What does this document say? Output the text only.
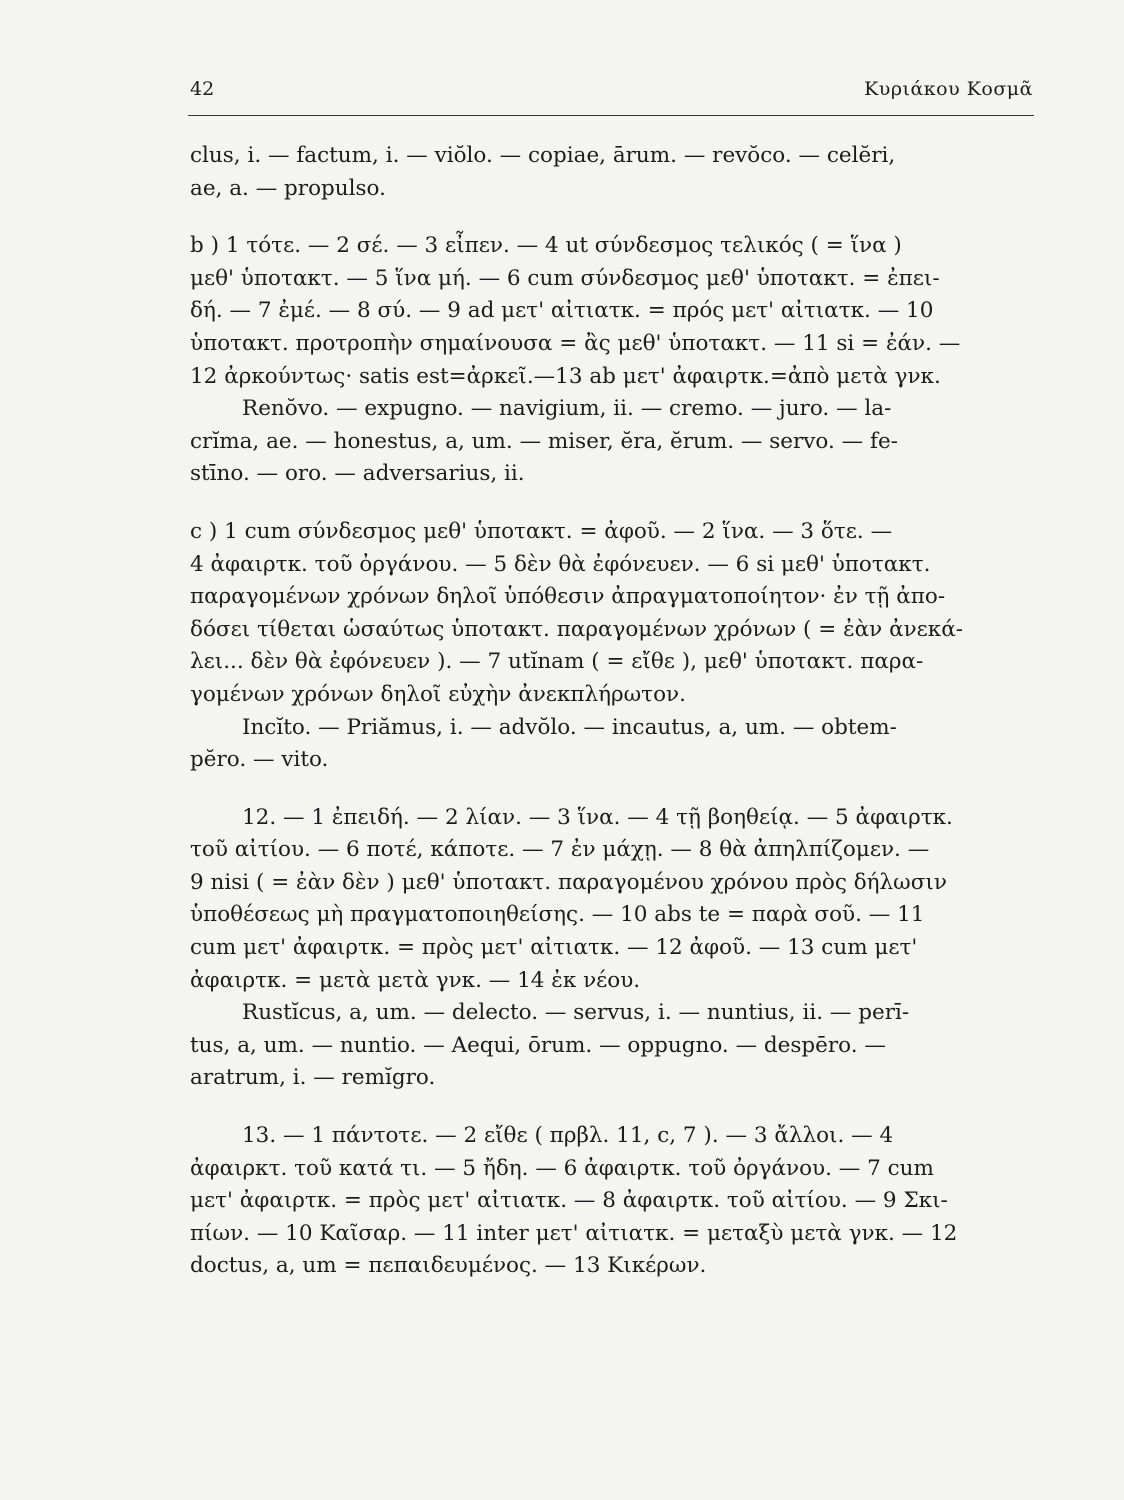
42	Κυριάκου Κοσμᾶ
clus, i. — factum, i. — viŏlo. — copiae, ārum. — revŏco. — celĕri,
ae, a. — propulso.
b ) 1 τότε. — 2 σέ. — 3 εἶπεν. — 4 ut σύνδεσμος τελικός ( = ἵνα )
μεθ' ὑποτακτ. — 5 ἵνα μή. — 6 cum σύνδεσμος μεθ' ὑποτακτ. = ἐπει-
δή. — 7 ἐμέ. — 8 σύ. — 9 ad μετ' αἰτιατκ. = πρός μετ' αἰτιατκ. — 10
ὑποτακτ. προτροπὴν σημαίνουσα = ἂς μεθ' ὑποτακτ. — 11 si = ἐάν. —
12 ἀρκούντως· satis est=ἀρκεῖ.—13 ab μετ' ἀφαιρτκ.=ἀπὸ μετὰ γνκ.
Renŏvo. — expugno. — navigium, ii. — cremo. — juro. — la-
crĭma, ae. — honestus, a, um. — miser, ĕra, ĕrum. — servo. — fe-
stīno. — oro. — adversarius, ii.
c ) 1 cum σύνδεσμος μεθ' ὑποτακτ. = ἀφοῦ. — 2 ἵνα. — 3 ὅτε. —
4 ἀφαιρτκ. τοῦ ὀργάνου. — 5 δὲν θὰ ἐφόνευεν. — 6 si μεθ' ὑποτακτ.
παραγομένων χρόνων δηλοῖ ὑπόθεσιν ἀπραγματοποίητον· ἐν τῇ ἀπο-
δόσει τίθεται ὡσαύτως ὑποτακτ. παραγομένων χρόνων ( = ἐὰν ἀνεκά-
λει... δὲν θὰ ἐφόνευεν ). — 7 utĭnam ( = εἴθε ), μεθ' ὑποτακτ. παρα-
γομένων χρόνων δηλοῖ εὐχὴν ἀνεκπλήρωτον.
Incĭto. — Priămus, i. — advŏlo. — incautus, a, um. — obtem-
pĕro. — vito.
12. — 1 ἐπειδή. — 2 λίαν. — 3 ἵνα. — 4 τῇ βοηθείᾳ. — 5 ἀφαιρτκ.
τοῦ αἰτίου. — 6 ποτέ, κάποτε. — 7 ἐν μάχῃ. — 8 θὰ ἀπηλπίζομεν. —
9 nisi ( = ἐὰν δὲν ) μεθ' ὑποτακτ. παραγομένου χρόνου πρὸς δήλωσιν
ὑποθέσεως μὴ πραγματοποιηθείσης. — 10 abs te = παρὰ σοῦ. — 11
cum μετ' ἀφαιρτκ. = πρὸς μετ' αἰτιατκ. — 12 ἀφοῦ. — 13 cum μετ'
ἀφαιρτκ. = μετὰ μετὰ γνκ. — 14 ἐκ νέου.
Rustĭcus, a, um. — delecto. — servus, i. — nuntius, ii. — perī-
tus, a, um. — nuntio. — Aequi, ōrum. — oppugno. — despēro. —
aratrum, i. — remĭgro.
13. — 1 πάντοτε. — 2 εἴθε ( πρβλ. 11, c, 7 ). — 3 ἄλλοι. — 4
ἀφαιρκτ. τοῦ κατά τι. — 5 ἤδη. — 6 ἀφαιρτκ. τοῦ ὀργάνου. — 7 cum
μετ' ἀφαιρτκ. = πρὸς μετ' αἰτιατκ. — 8 ἀφαιρτκ. τοῦ αἰτίου. — 9 Σκι-
πίων. — 10 Καῖσαρ. — 11 inter μετ' αἰτιατκ. = μεταξὺ μετὰ γνκ. — 12
doctus, a, um = πεπαιδευμένος. — 13 Κικέρων.
